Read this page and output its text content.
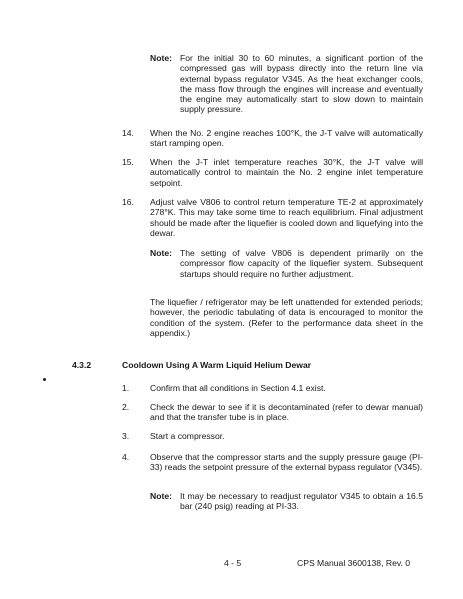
Note: For the initial 30 to 60 minutes, a significant portion of the compressed gas will bypass directly into the return line via external bypass regulator V345. As the heat exchanger cools, the mass flow through the engines will increase and eventually the engine may automatically start to slow down to maintain supply pressure.
14. When the No. 2 engine reaches 100°K, the J-T valve will automatically start ramping open.
15. When the J-T inlet temperature reaches 30°K, the J-T valve will automatically control to maintain the No. 2 engine inlet temperature setpoint.
16. Adjust valve V806 to control return temperature TE-2 at approximately 278°K. This may take some time to reach equilibrium. Final adjustment should be made after the liquefier is cooled down and liquefying into the dewar.
Note: The setting of valve V806 is dependent primarily on the compressor flow capacity of the liquefier system. Subsequent startups should require no further adjustment.
The liquefier / refrigerator may be left unattended for extended periods; however, the periodic tabulating of data is encouraged to monitor the condition of the system. (Refer to the performance data sheet in the appendix.)
4.3.2	Cooldown Using A Warm Liquid Helium Dewar
1. Confirm that all conditions in Section 4.1 exist.
2. Check the dewar to see if it is decontaminated (refer to dewar manual) and that the transfer tube is in place.
3. Start a compressor.
4. Observe that the compressor starts and the supply pressure gauge (PI-33) reads the setpoint pressure of the external bypass regulator (V345).
Note: It may be necessary to readjust regulator V345 to obtain a 16.5 bar (240 psig) reading at PI-33.
4 - 5	CPS Manual 3600138, Rev. 0
